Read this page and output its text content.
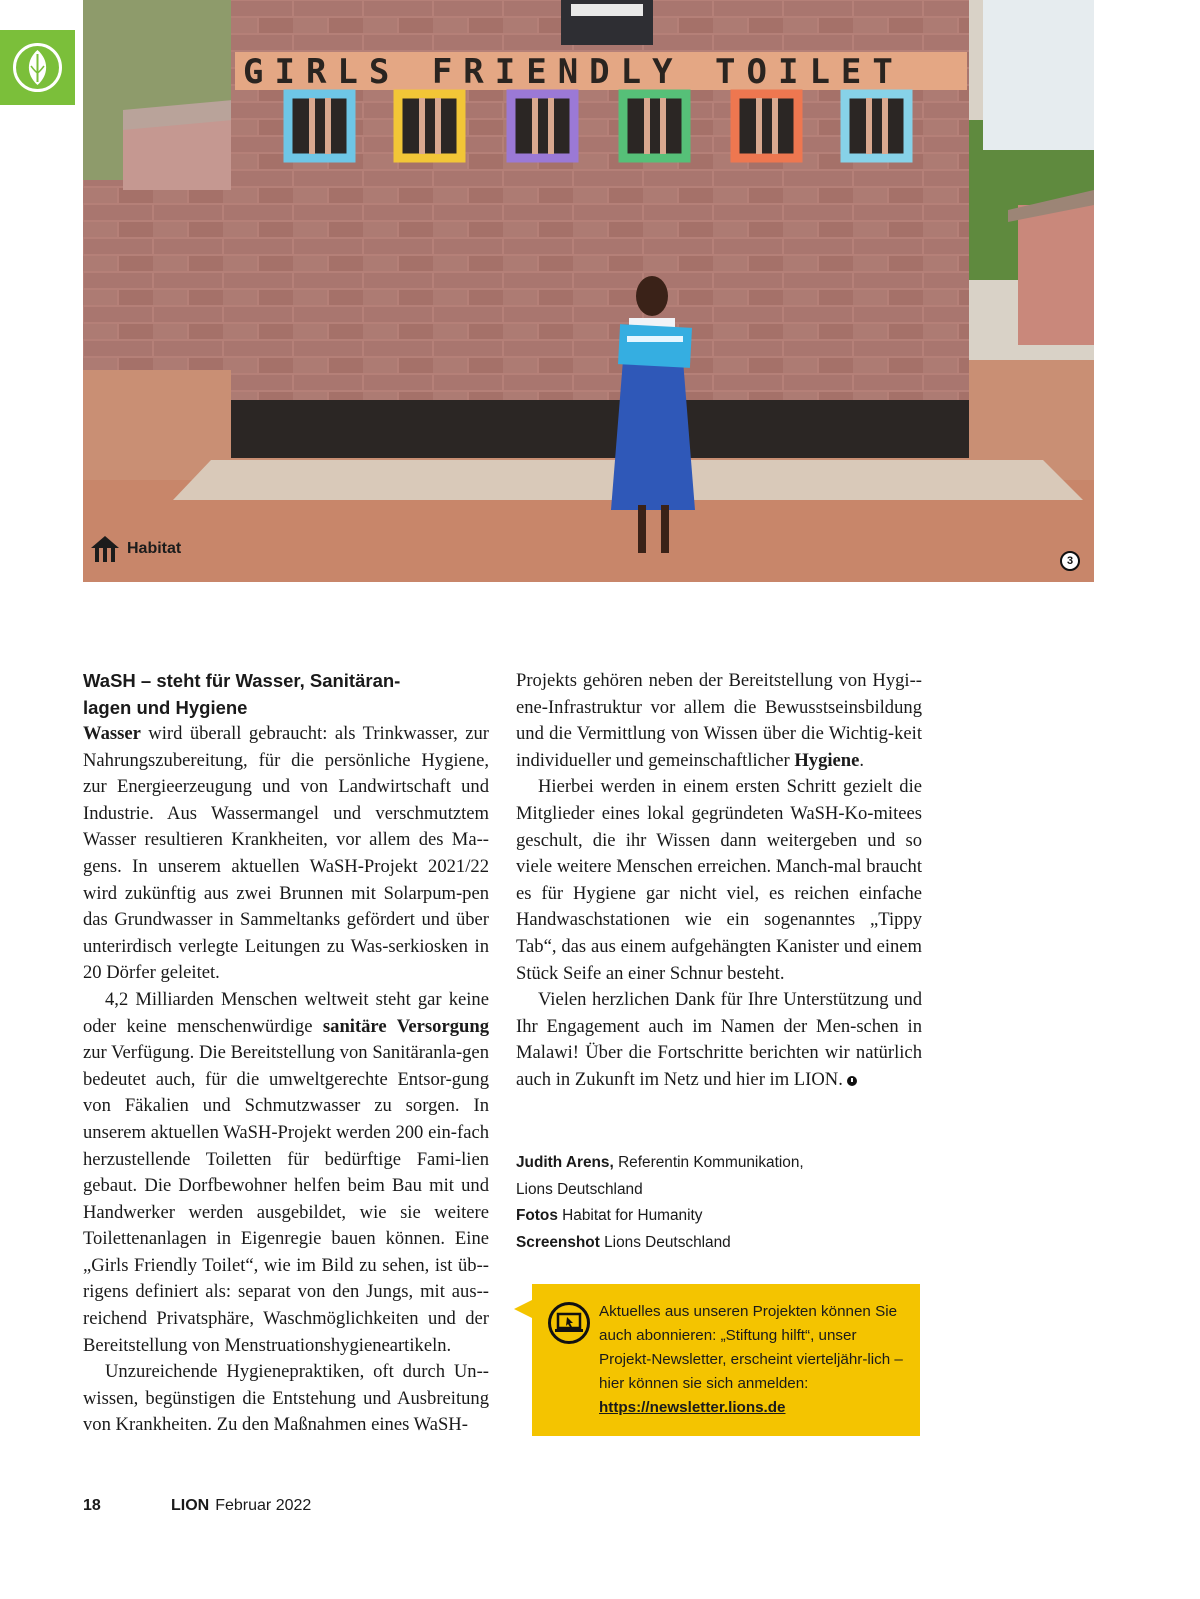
GIRLS FRIENDLY TOILET
Habitat
3
WaSH – steht für Wasser, Sanitäran-
lagen und Hygiene

Wasser wird überall gebraucht: als Trinkwasser, zur Nahrungszubereitung, für die persönliche Hygiene, zur Energieerzeugung und von Landwirtschaft und Industrie. Aus Wassermangel und verschmutztem Wasser resultieren Krankheiten, vor allem des Ma-gens. In unserem aktuellen WaSH-Projekt 2021/22 wird zukünftig aus zwei Brunnen mit Solarpum-pen das Grundwasser in Sammeltanks gefördert und über unterirdisch verlegte Leitungen zu Was-serkiosken in 20 Dörfer geleitet.

4,2 Milliarden Menschen weltweit steht gar keine oder keine menschenwürdige sanitäre Versorgung zur Verfügung. Die Bereitstellung von Sanitäranla-gen bedeutet auch, für die umweltgerechte Entsor-gung von Fäkalien und Schmutzwasser zu sorgen. In unserem aktuellen WaSH-Projekt werden 200 ein-fach herzustellende Toiletten für bedürftige Fami-lien gebaut. Die Dorfbewohner helfen beim Bau mit und Handwerker werden ausgebildet, wie sie weitere Toilettenanlagen in Eigenregie bauen können. Eine „Girls Friendly Toilet“, wie im Bild zu sehen, ist üb-rigens definiert als: separat von den Jungs, mit aus-reichend Privatsphäre, Waschmöglichkeiten und der Bereitstellung von Menstruationshygieneartikeln.

Unzureichende Hygienepraktiken, oft durch Un-wissen, begünstigen die Entstehung und Ausbreitung von Krankheiten. Zu den Maßnahmen eines WaSH-

Projekts gehören neben der Bereitstellung von Hygi-ene-Infrastruktur vor allem die Bewusstseinsbildung und die Vermittlung von Wissen über die Wichtig-keit individueller und gemeinschaftlicher Hygiene.

Hierbei werden in einem ersten Schritt gezielt die Mitglieder eines lokal gegründeten WaSH-Ko-mitees geschult, die ihr Wissen dann weitergeben und so viele weitere Menschen erreichen. Manch-mal braucht es für Hygiene gar nicht viel, es reichen einfache Handwaschstationen wie ein sogenanntes „Tippy Tab“, das aus einem aufgehängten Kanister und einem Stück Seife an einer Schnur besteht.

Vielen herzlichen Dank für Ihre Unterstützung und Ihr Engagement auch im Namen der Men-schen in Malawi! Über die Fortschritte berichten wir natürlich auch in Zukunft im Netz und hier im LION.

Judith Arens, Referentin Kommunikation,
Lions Deutschland
Fotos Habitat for Humanity
Screenshot Lions Deutschland
Aktuelles aus unseren Projekten können Sie auch abonnieren: „Stiftung hilft“, unser Projekt-Newsletter, erscheint vierteljähr-lich – hier können sie sich anmelden:
https://newsletter.lions.de
18	LION Februar 2022
